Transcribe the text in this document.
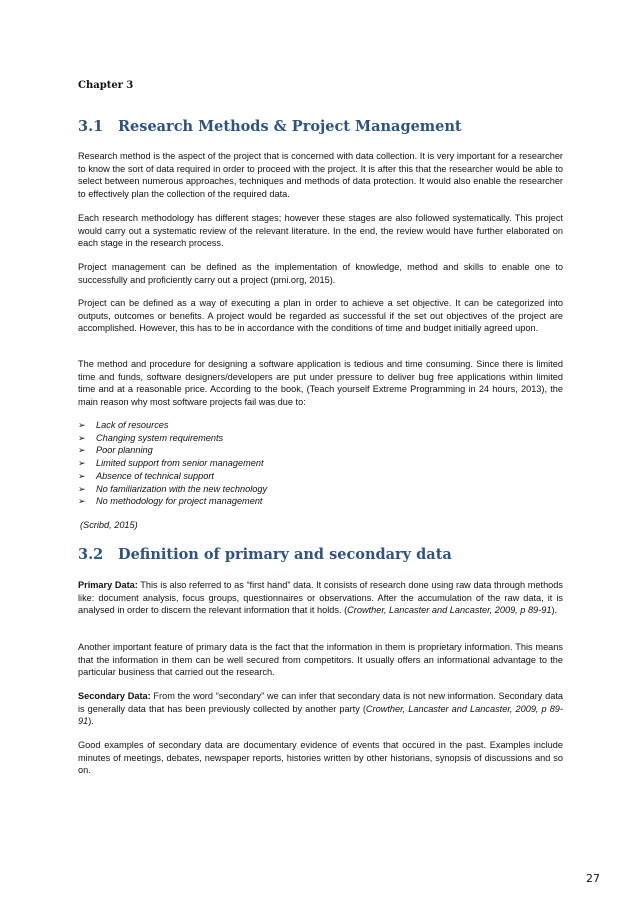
Chapter 3
3.1 Research Methods & Project Management

Research method is the aspect of the project that is concerned with data collection. It is very important for a researcher to know the sort of data required in order to proceed with the project. It is after this that the researcher would be able to select between numerous approaches, techniques and methods of data protection. It would also enable the researcher to effectively plan the collection of the required data.

Each research methodology has different stages; however these stages are also followed systematically. This project would carry out a systematic review of the relevant literature. In the end, the review would have further elaborated on each stage in the research process.

Project management can be defined as the implementation of knowledge, method and skills to enable one to successfully and proficiently carry out a project (pmi.org, 2015).

Project can be defined as a way of executing a plan in order to achieve a set objective. It can be categorized into outputs, outcomes or benefits. A project would be regarded as successful if the set out objectives of the project are accomplished. However, this has to be in accordance with the conditions of time and budget initially agreed upon.

The method and procedure for designing a software application is tedious and time consuming. Since there is limited time and funds, software designers/developers are put under pressure to deliver bug free applications within limited time and at a reasonable price. According to the book, (Teach yourself Extreme Programming in 24 hours, 2013), the main reason why most software projects fail was due to:

➢ Lack of resources
➢ Changing system requirements
➢ Poor planning
➢ Limited support from senior management
➢ Absence of technical support
➢ No familiarization with the new technology
➢ No methodology for project management

(Scribd, 2015)

3.2 Definition of primary and secondary data

Primary Data: This is also referred to as “first hand” data. It consists of research done using raw data through methods like: document analysis, focus groups, questionnaires or observations. After the accumulation of the raw data, it is analysed in order to discern the relevant information that it holds. (Crowther, Lancaster and Lancaster, 2009, p 89-91).

Another important feature of primary data is the fact that the information in them is proprietary information. This means that the information in them can be well secured from competitors. It usually offers an informational advantage to the particular business that carried out the research.

Secondary Data: From the word “secondary” we can infer that secondary data is not new information. Secondary data is generally data that has been previously collected by another party (Crowther, Lancaster and Lancaster, 2009, p 89-91).

Good examples of secondary data are documentary evidence of events that occured in the past. Examples include minutes of meetings, debates, newspaper reports, histories written by other historians, synopsis of discussions and so on.

27
